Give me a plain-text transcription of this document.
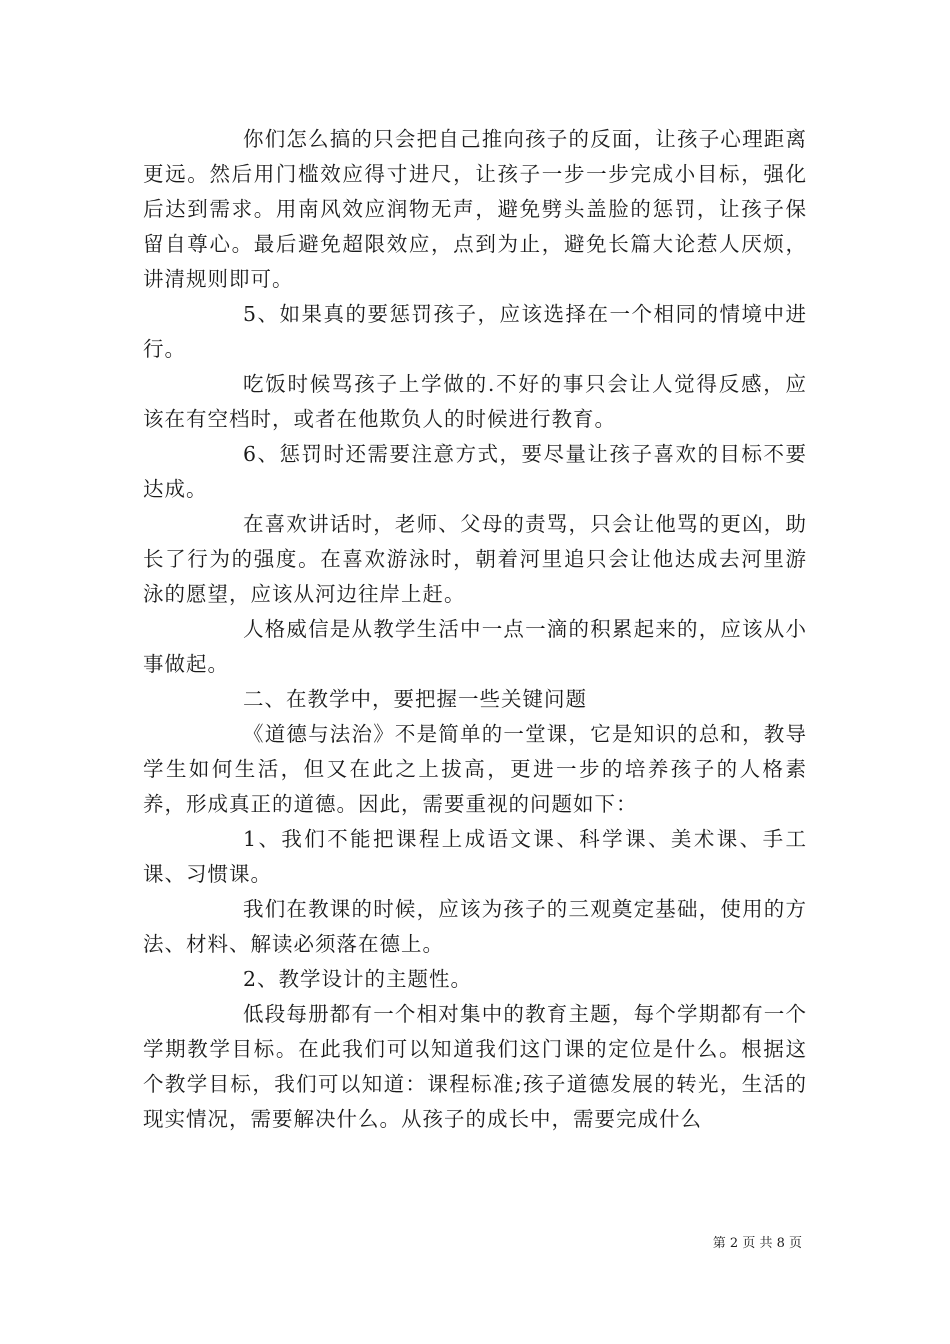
你们怎么搞的只会把自己推向孩子的反面，让孩子心理距离更远。然后用门槛效应得寸进尺，让孩子一步一步完成小目标，强化后达到需求。用南风效应润物无声，避免劈头盖脸的惩罚，让孩子保留自尊心。最后避免超限效应，点到为止，避免长篇大论惹人厌烦，讲清规则即可。

5、如果真的要惩罚孩子，应该选择在一个相同的情境中进行。

吃饭时候骂孩子上学做的.不好的事只会让人觉得反感，应该在有空档时，或者在他欺负人的时候进行教育。

6、惩罚时还需要注意方式，要尽量让孩子喜欢的目标不要达成。

在喜欢讲话时，老师、父母的责骂，只会让他骂的更凶，助长了行为的强度。在喜欢游泳时，朝着河里追只会让他达成去河里游泳的愿望，应该从河边往岸上赶。

人格威信是从教学生活中一点一滴的积累起来的，应该从小事做起。

二、在教学中，要把握一些关键问题

《道德与法治》不是简单的一堂课，它是知识的总和，教导学生如何生活，但又在此之上拔高，更进一步的培养孩子的人格素养，形成真正的道德。因此，需要重视的问题如下：

1、我们不能把课程上成语文课、科学课、美术课、手工课、习惯课。

我们在教课的时候，应该为孩子的三观奠定基础，使用的方法、材料、解读必须落在德上。

2、教学设计的主题性。

低段每册都有一个相对集中的教育主题，每个学期都有一个学期教学目标。在此我们可以知道我们这门课的定位是什么。根据这个教学目标，我们可以知道：课程标准;孩子道德发展的转光，生活的现实情况，需要解决什么。从孩子的成长中，需要完成什么

第 2 页 共 8 页
